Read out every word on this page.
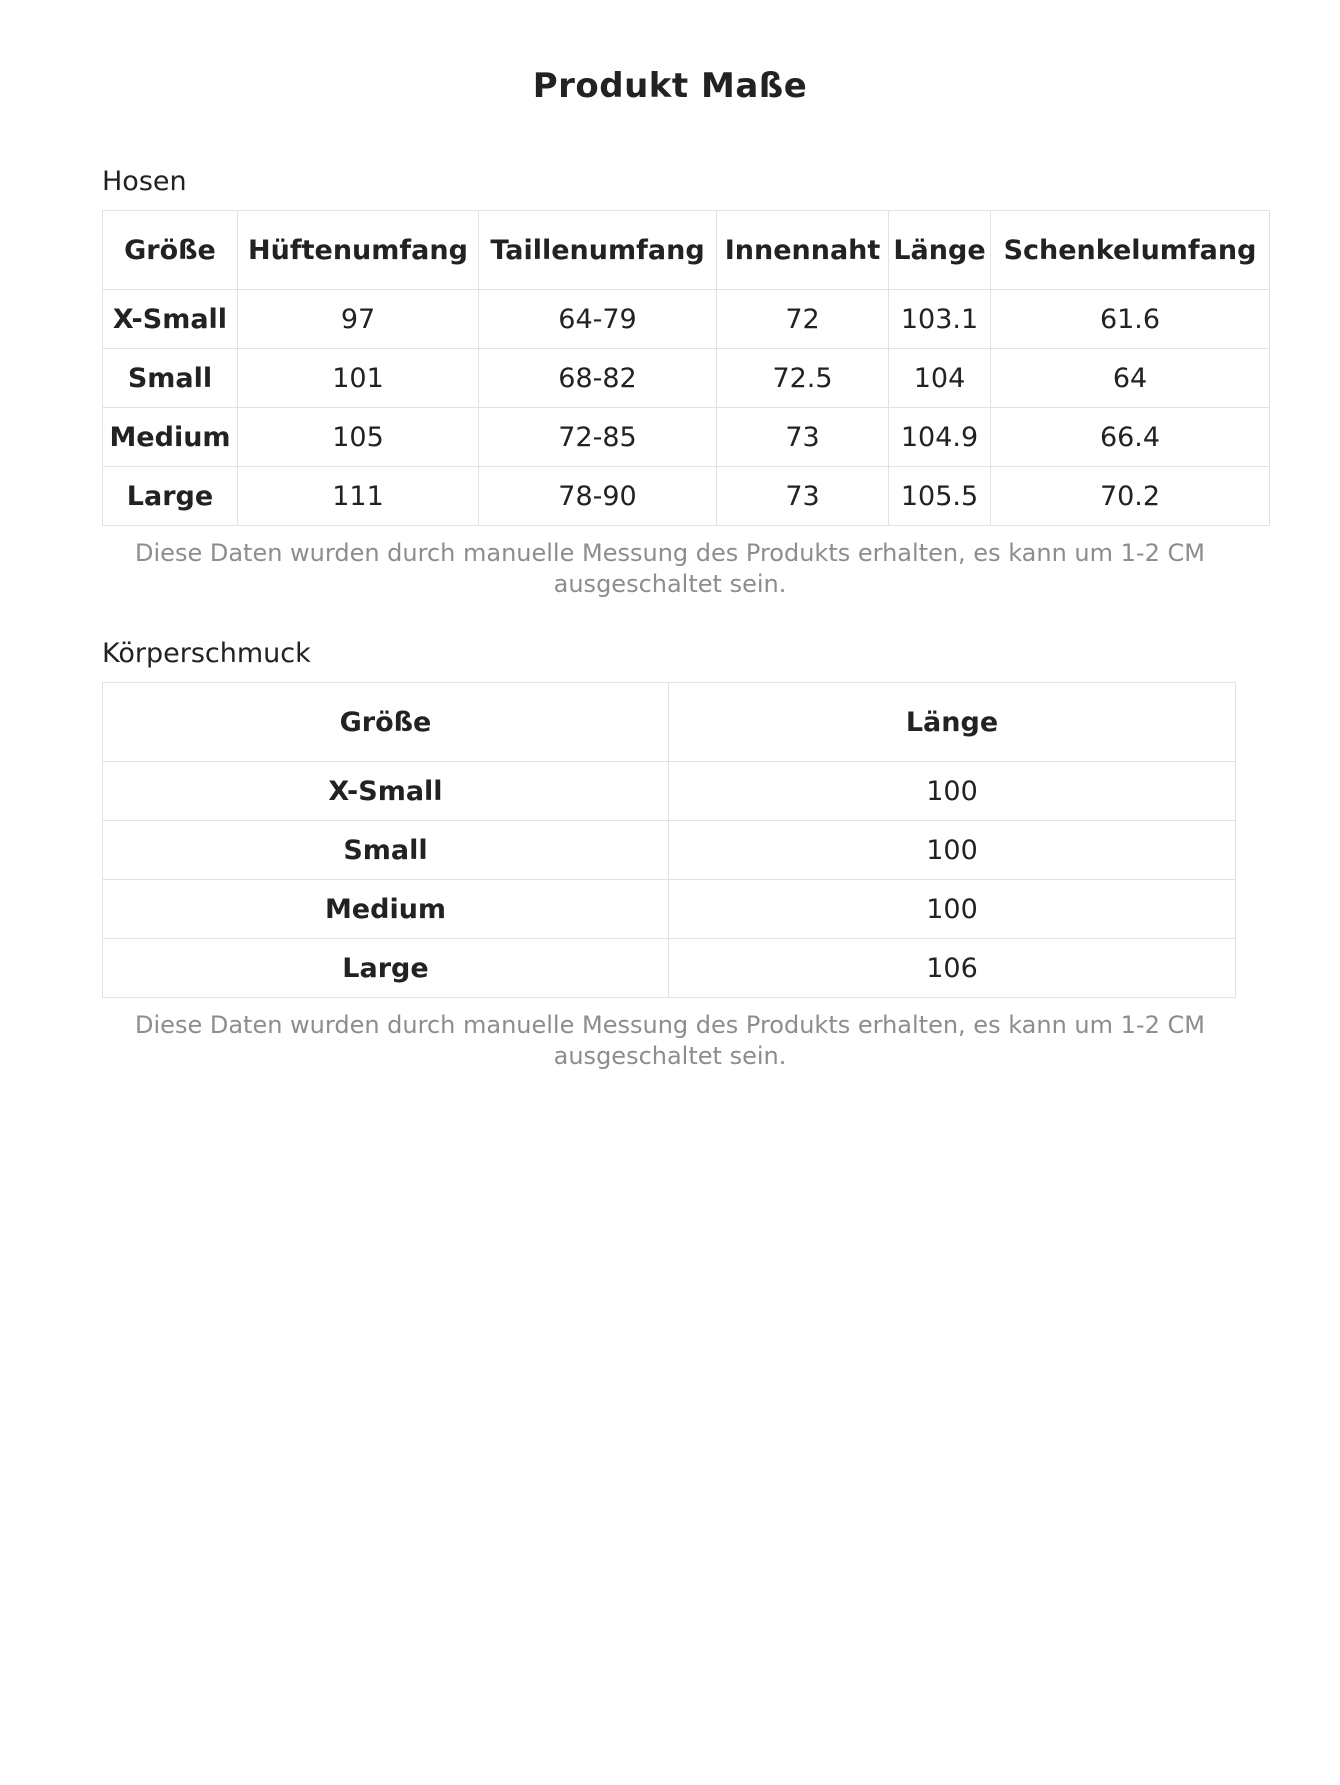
Produkt Maße
Hosen
Größe	Hüftenumfang	Taillenumfang	Innennaht	Länge	Schenkelumfang
X-Small	97	64-79	72	103.1	61.6
Small	101	68-82	72.5	104	64
Medium	105	72-85	73	104.9	66.4
Large	111	78-90	73	105.5	70.2
Diese Daten wurden durch manuelle Messung des Produkts erhalten, es kann um 1-2 CM
ausgeschaltet sein.
Körperschmuck
Größe	Länge
X-Small	100
Small	100
Medium	100
Large	106
Diese Daten wurden durch manuelle Messung des Produkts erhalten, es kann um 1-2 CM
ausgeschaltet sein.
